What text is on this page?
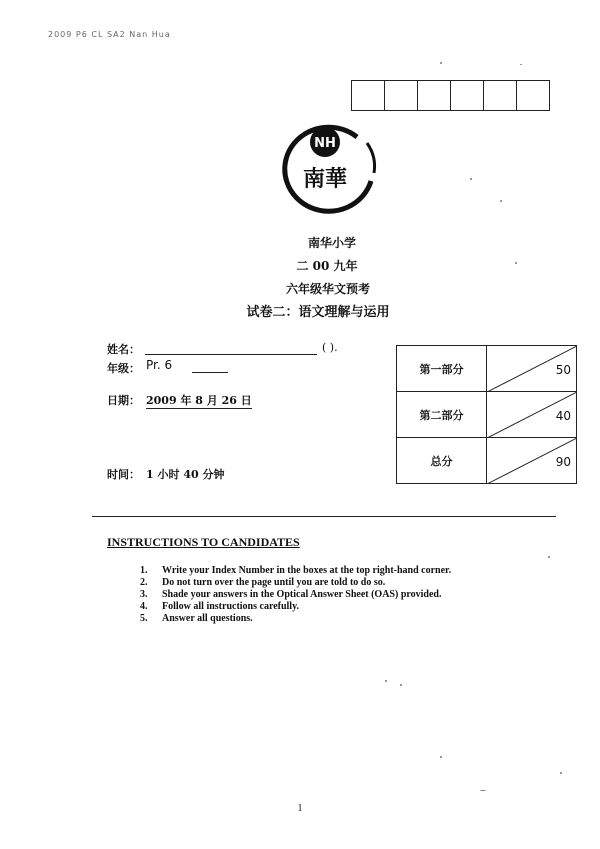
2009 P6 CL SA2 Nan Hua
NH
南華
南华小学
二 00 九年
六年级华文预考
试卷二：语文理解与运用
姓名：	( ).
年级： Pr. 6
日期： 2009 年 8 月 26 日
时间： 1 小时 40 分钟
第一部分	50

第二部分	40

总分	90
INSTRUCTIONS TO CANDIDATES
1. Write your Index Number in the boxes at the top right-hand corner.
2. Do not turn over the page until you are told to do so.
3. Shade your answers in the Optical Answer Sheet (OAS) provided.
4. Follow all instructions carefully.
5. Answer all questions.
1
